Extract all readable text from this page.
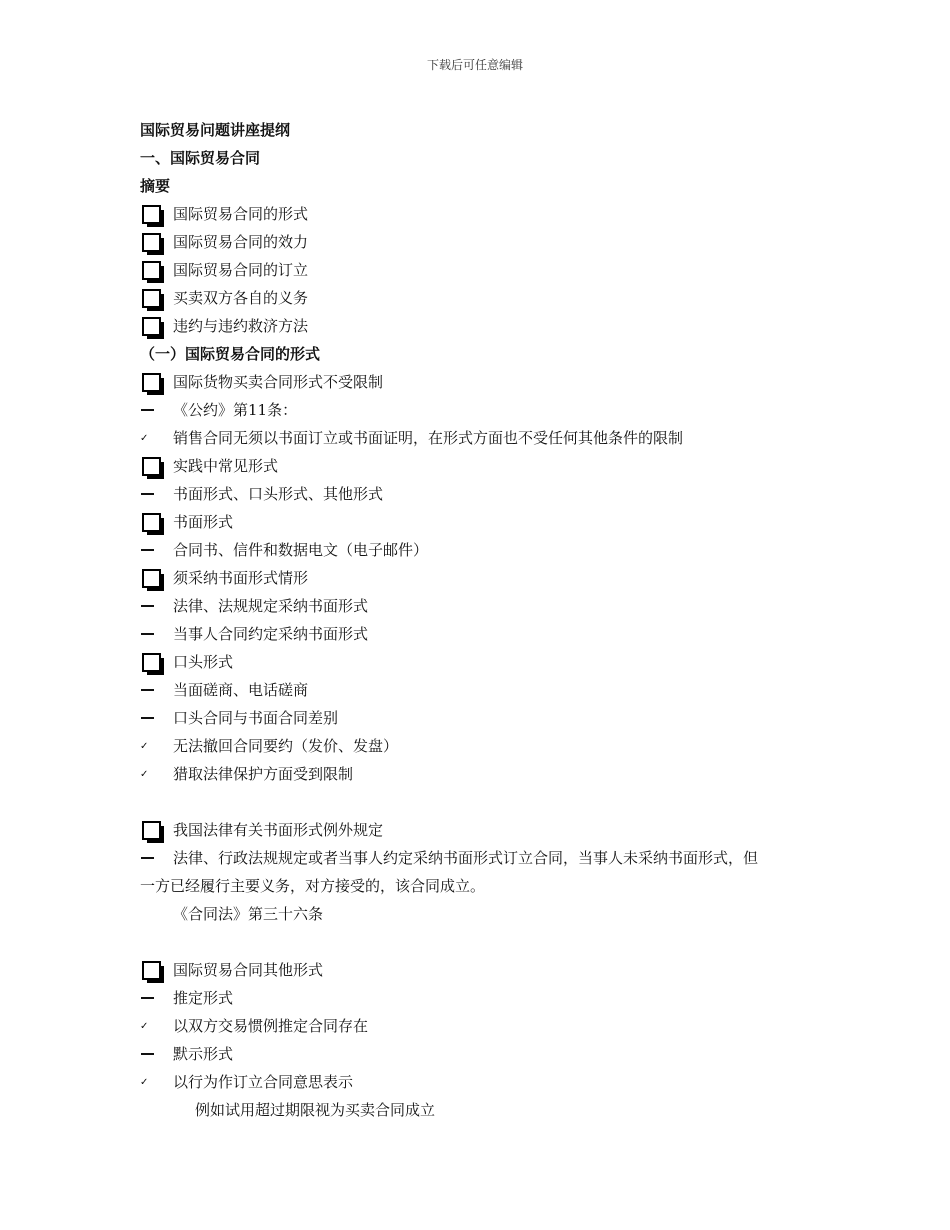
下载后可任意编辑
国际贸易问题讲座提纲
一、国际贸易合同
摘要
国际贸易合同的形式
国际贸易合同的效力
国际贸易合同的订立
买卖双方各自的义务
违约与违约救济方法
（一）国际贸易合同的形式
国际货物买卖合同形式不受限制
《公约》第11条：
✓ 销售合同无须以书面订立或书面证明，在形式方面也不受任何其他条件的限制
实践中常见形式
书面形式、口头形式、其他形式
书面形式
合同书、信件和数据电文（电子邮件）
须采纳书面形式情形
法律、法规规定采纳书面形式
当事人合同约定采纳书面形式
口头形式
当面磋商、电话磋商
口头合同与书面合同差别
✓ 无法撤回合同要约（发价、发盘）
✓ 猎取法律保护方面受到限制
我国法律有关书面形式例外规定
法律、行政法规规定或者当事人约定采纳书面形式订立合同，当事人未采纳书面形式，但
一方已经履行主要义务，对方接受的，该合同成立。
《合同法》第三十六条
国际贸易合同其他形式
推定形式
✓ 以双方交易惯例推定合同存在
默示形式
✓ 以行为作订立合同意思表示
例如试用超过期限视为买卖合同成立
